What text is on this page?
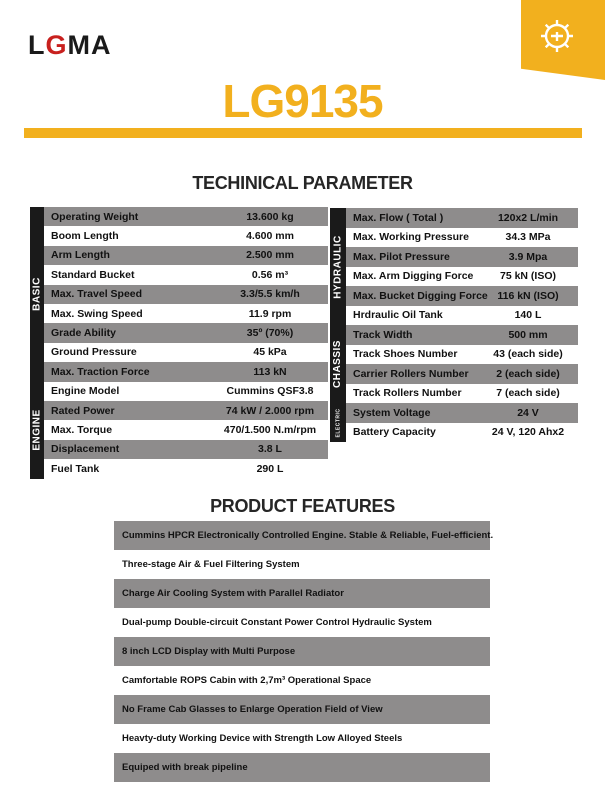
LGMA
LG9135
TECHINICAL PARAMETER
Operating Weight	13.600 kg
Boom Length	4.600 mm
Arm Length	2.500 mm
Standard Bucket	0.56 m³
Max. Travel Speed	3.3/5.5 km/h
Max. Swing Speed	11.9 rpm
Grade Ability	35º (70%)
Ground Pressure	45 kPa
Max. Traction Force	113 kN
BASIC
Engine Model	Cummins QSF3.8
Rated Power	74 kW / 2.000 rpm
Max. Torque	470/1.500 N.m/rpm
Displacement	3.8 L
Fuel Tank	290 L
ENGINE
Max. Flow ( Total )	120x2 L/min
Max. Working Pressure	34.3 MPa
Max. Pilot Pressure	3.9 Mpa
Max. Arm Digging Force	75 kN (ISO)
Max. Bucket Digging Force 116 kN (ISO)
Hrdraulic Oil Tank	140 L
HYDRAULIC
Track Width	500 mm
Track Shoes Number	43 (each side)
Carrier Rollers Number	2 (each side)
Track Rollers Number	7 (each side)
CHASSIS
System Voltage	24 V
Battery Capacity	24 V, 120 Ahx2
ELECTRIC
PRODUCT FEATURES
Cummins HPCR Electronically Controlled Engine. Stable & Reliable, Fuel-efficient.
Three-stage Air & Fuel Filtering System
Charge Air Cooling System with Parallel Radiator
Dual-pump Double-circuit Constant Power Control Hydraulic System
8 inch LCD Display with Multi Purpose
Camfortable ROPS Cabin with 2,7m³ Operational Space
No Frame Cab Glasses to Enlarge Operation Field of View
Heavty-duty Working Device with Strength Low Alloyed Steels
Equiped with break pipeline
